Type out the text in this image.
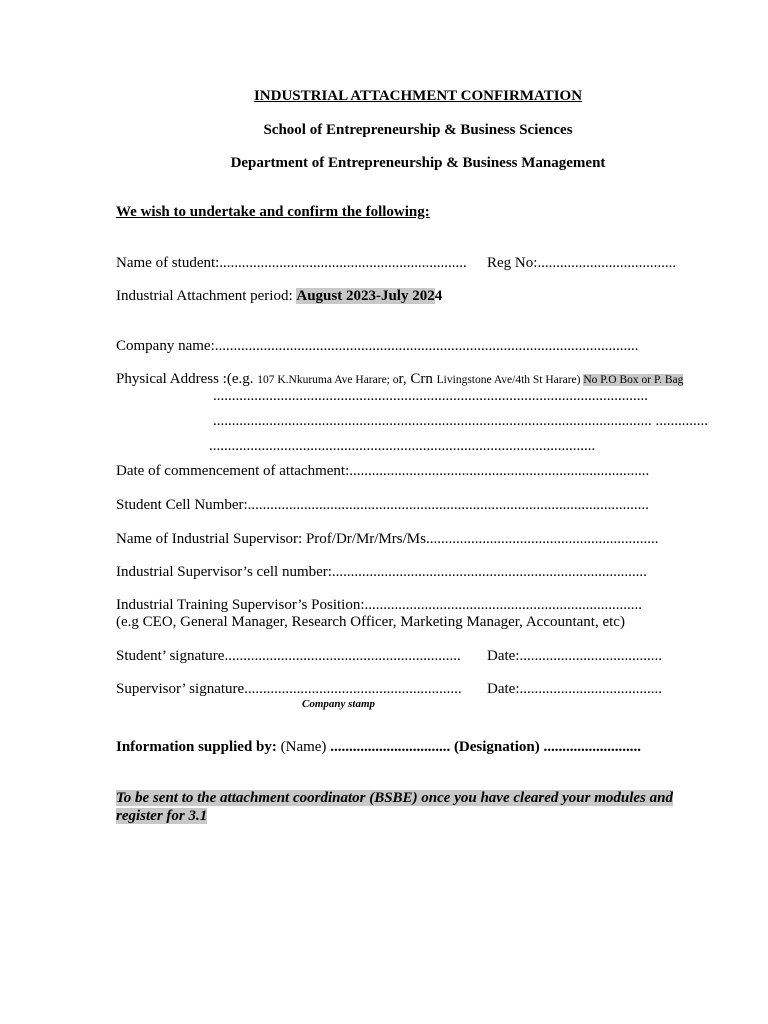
INDUSTRIAL ATTACHMENT CONFIRMATION
School of Entrepreneurship & Business Sciences
Department of Entrepreneurship & Business Management
We wish to undertake and confirm the following:
Name of student:.................................................................. Reg No:.....................................
Industrial Attachment period: August 2023-July 2024
Company name:.................................................................................................................
Physical Address :(e.g. 107 K.Nkuruma Ave Harare; or, Crn Livingstone Ave/4th St Harare) No P.O Box or P. Bag
....................................................................................................................
..................................................................................................................... ..............
.......................................................................................................
Date of commencement of attachment:................................................................................
Student Cell Number:...........................................................................................................
Name of Industrial Supervisor: Prof/Dr/Mr/Mrs/Ms..............................................................
Industrial Supervisor’s cell number:....................................................................................
Industrial Training Supervisor’s Position:..........................................................................
(e.g CEO, General Manager, Research Officer, Marketing Manager, Accountant, etc)
Student’ signature............................................................... Date:......................................
Supervisor’ signature.......................................................... Date:......................................
Company stamp
Information supplied by: (Name) ................................ (Designation) ..........................
To be sent to the attachment coordinator (BSBE) once you have cleared your modules and register for 3.1
